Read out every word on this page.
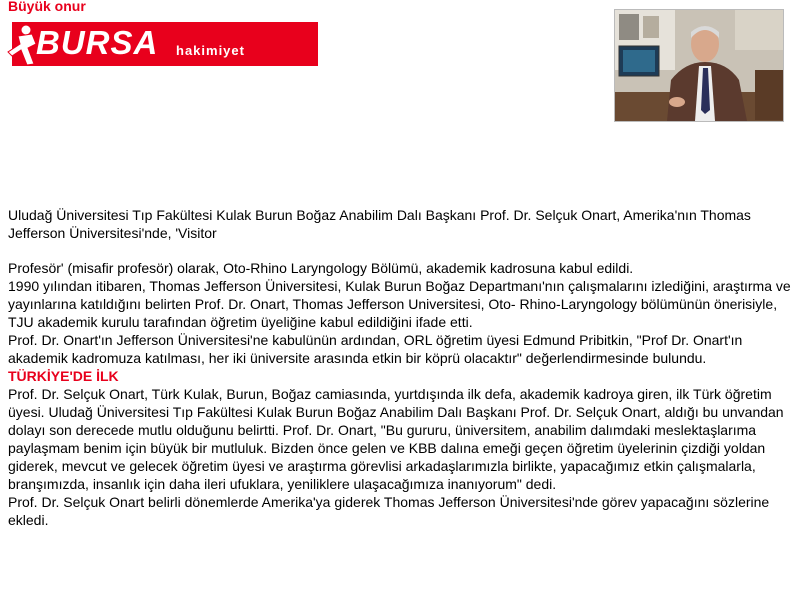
Büyük onur
BURSA hakimiyet

Uludağ Üniversitesi Tıp Fakültesi Kulak Burun Boğaz Anabilim Dalı Başkanı Prof. Dr. Selçuk Onart, Amerika'nın Thomas Jefferson Üniversitesi'nde, 'Visitor

Profesör' (misafir profesör) olarak, Oto-Rhino Laryngology Bölümü, akademik kadrosuna kabul edildi.

1990 yılından itibaren, Thomas Jefferson Üniversitesi, Kulak Burun Boğaz Departmanı'nın çalışmalarını izlediğini, araştırma ve yayınlarına katıldığını belirten Prof. Dr. Onart, Thomas Jefferson Universitesi, Oto- Rhino-Laryngology bölümünün önerisiyle, TJU akademik kurulu tarafından öğretim üyeliğine kabul edildiğini ifade etti.

Prof. Dr. Onart'ın Jefferson Üniversitesi'ne kabulünün ardından, ORL öğretim üyesi Edmund Pribitkin, "Prof Dr. Onart'ın akademik kadromuza katılması, her iki üniversite arasında etkin bir köprü olacaktır" değerlendirmesinde bulundu.

TÜRKİYE'DE İLK

Prof. Dr. Selçuk Onart, Türk Kulak, Burun, Boğaz camiasında, yurtdışında ilk defa, akademik kadroya giren, ilk Türk öğretim üyesi. Uludağ Üniversitesi Tıp Fakültesi Kulak Burun Boğaz Anabilim Dalı Başkanı Prof. Dr. Selçuk Onart, aldığı bu unvandan dolayı son derecede mutlu olduğunu belirtti. Prof. Dr. Onart, "Bu gururu, üniversitem, anabilim dalımdaki meslektaşlarıma paylaşmam benim için büyük bir mutluluk. Bizden önce gelen ve KBB dalına emeği geçen öğretim üyelerinin çizdiği yoldan giderek, mevcut ve gelecek öğretim üyesi ve araştırma görevlisi arkadaşlarımızla birlikte, yapacağımız etkin çalışmalarla, branşımızda, insanlık için daha ileri ufuklara, yeniliklere ulaşacağımıza inanıyorum" dedi.

Prof. Dr. Selçuk Onart belirli dönemlerde Amerika'ya giderek Thomas Jefferson Üniversitesi'nde görev yapacağını sözlerine ekledi.
